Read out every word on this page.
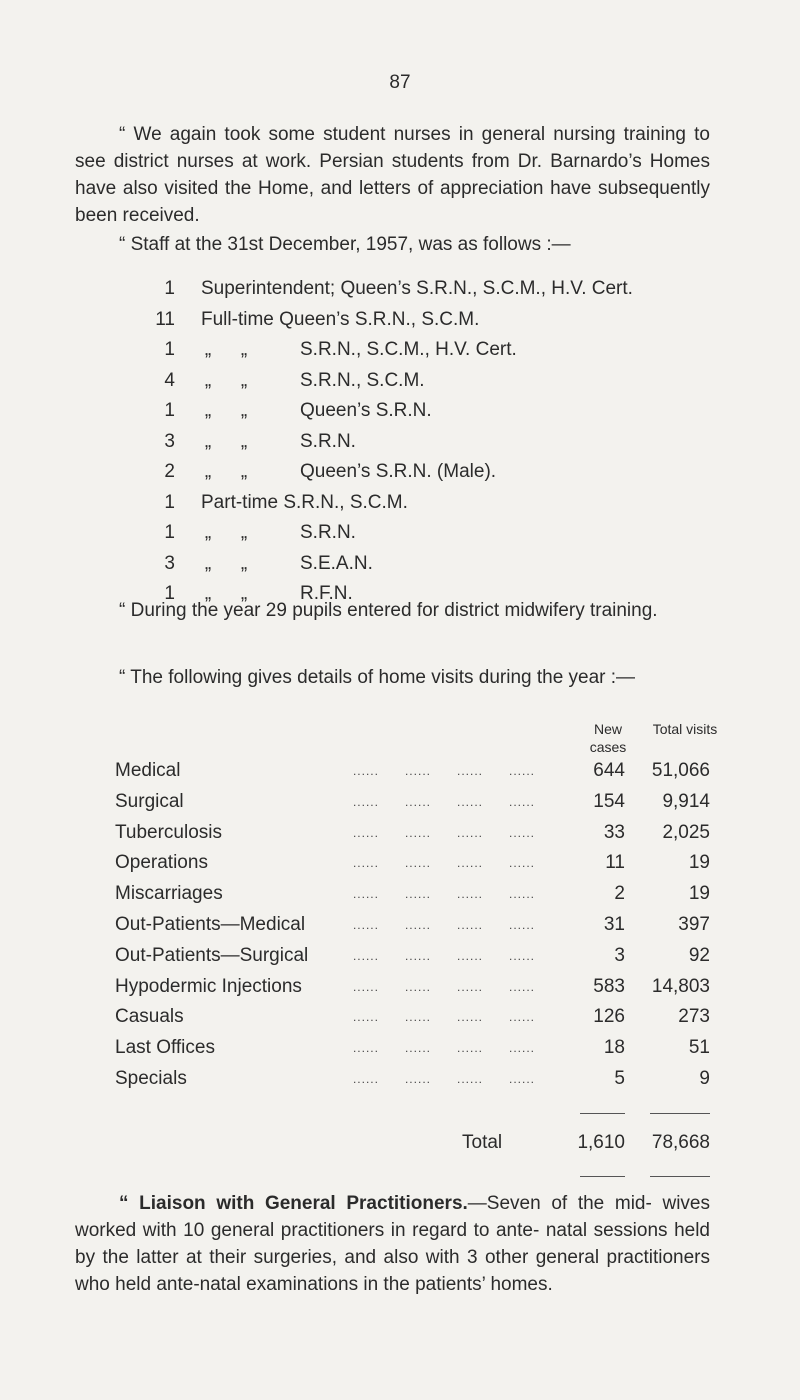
87

“ We again took some student nurses in general nursing training to see district nurses at work. Persian students from Dr. Barnardo’s Homes have also visited the Home, and letters of appreciation have subsequently been received.

“ Staff at the 31st December, 1957, was as follows :—

1 Superintendent; Queen’s S.R.N., S.C.M., H.V. Cert.
11 Full-time Queen’s S.R.N., S.C.M.
1	„ „	S.R.N., S.C.M., H.V. Cert.
4	„ „	S.R.N., S.C.M.
1	„ „	Queen’s S.R.N.
3	„ „	S.R.N.
2	„ „	Queen’s S.R.N. (Male).
1 Part-time S.R.N., S.C.M.
1	„ „	S.R.N.
3	„ „	S.E.A.N.
1	„ „	R.F.N.

“ During the year 29 pupils entered for district midwifery training.

“ The following gives details of home visits during the year :—

New cases
Total visits
Medical	......      ......      ......      ......	644	51,066
Surgical	......      ......      ......      ......	154	9,914
Tuberculosis	......      ......      ......      ......	33	2,025
Operations	......      ......      ......      ......	11	19
Miscarriages	......      ......      ......      ......	2	19
Out-Patients—Medical	......      ......      ......      ......	31	397
Out-Patients—Surgical	......      ......      ......      ......	3	92
Hypodermic Injections	......      ......      ......      ......	583	14,803
Casuals	......      ......      ......      ......	126	273
Last Offices	......      ......      ......      ......	18	51
Specials	......      ......      ......      ......	5	9
Total	1,610	78,668

“ Liaison with General Practitioners.—Seven of the mid- wives worked with 10 general practitioners in regard to ante- natal sessions held by the latter at their surgeries, and also with 3 other general practitioners who held ante-natal examinations in the patients’ homes.
